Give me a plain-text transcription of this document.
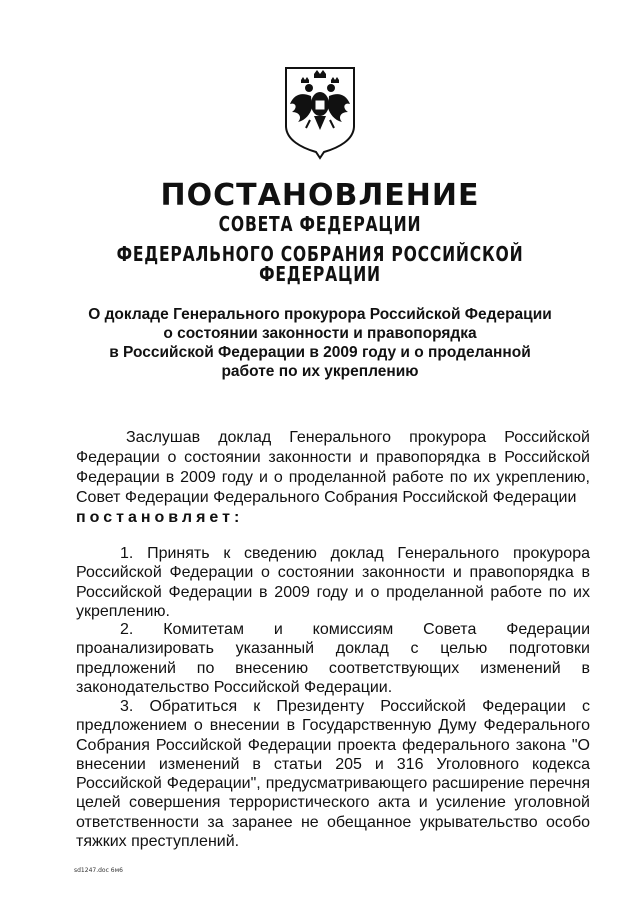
ПОСТАНОВЛЕНИЕ
СОВЕТА ФЕДЕРАЦИИ
ФЕДЕРАЛЬНОГО СОБРАНИЯ РОССИЙСКОЙ ФЕДЕРАЦИИ
О докладе Генерального прокурора Российской Федерации
о состоянии законности и правопорядка
в Российской Федерации в 2009 году и о проделанной
работе по их укреплению
Заслушав доклад Генерального прокурора Российской Федерации о состоянии законности и правопорядка в Российской Федерации в 2009 году и о проделанной работе по их укреплению, Совет Федерации Федерального Собрания Российской Федерации
постановляет:
1. Принять к сведению доклад Генерального прокурора Российской Федерации о состоянии законности и правопорядка в Российской Федерации в 2009 году и о проделанной работе по их укреплению.
2. Комитетам и комиссиям Совета Федерации проанализировать указанный доклад с целью подготовки предложений по внесению соответствующих изменений в законодательство Российской Федерации.
3. Обратиться к Президенту Российской Федерации с предложением о внесении в Государственную Думу Федерального Собрания Российской Федерации проекта федерального закона "О внесении изменений в статьи 205 и 316 Уголовного кодекса Российской Федерации", предусматривающего расширение перечня целей совершения террористического акта и усиление уголовной ответственности за заранее не обещанное укрывательство особо тяжких преступлений.
sd1247.doc 6м6
